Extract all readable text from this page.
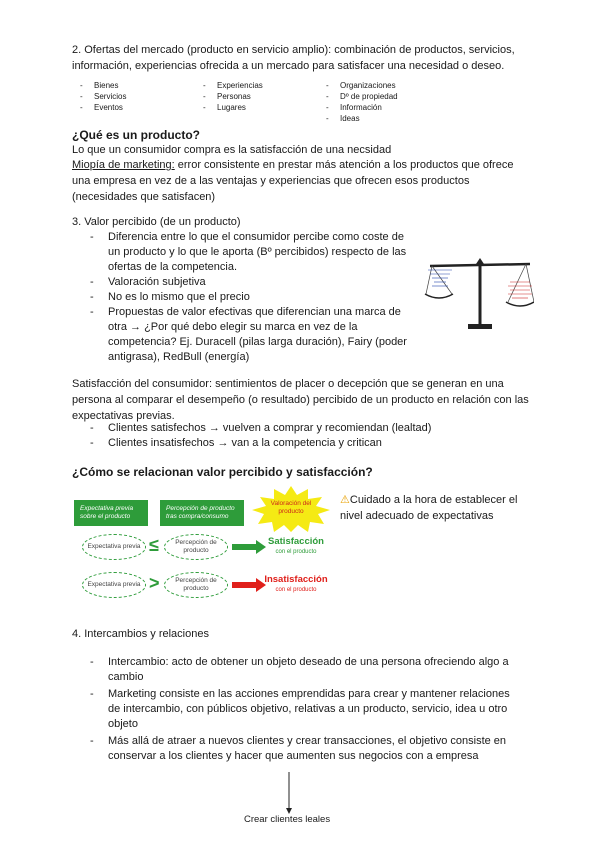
2. Ofertas del mercado (producto en servicio amplio): combinación de productos, servicios, información, experiencias ofrecida a un mercado para satisfacer una necesidad o deseo.

- Bienes
- Servicios
- Eventos
- Experiencias
- Personas
- Lugares
- Organizaciones
- Dº de propiedad
- Información
- Ideas

¿Qué es un producto?

Lo que un consumidor compra es la satisfacción de una necsidad

Miopía de marketing: error consistente en prestar más atención a los productos que ofrece una empresa en vez de a las ventajas y experiencias que ofrecen esos productos (necesidades que satisfacen)

3. Valor percibido (de un producto)

- Diferencia entre lo que el consumidor percibe como coste de un producto y lo que le aporta (Bº percibidos) respecto de las ofertas de la competencia.
- Valoración subjetiva
- No es lo mismo que el precio
- Propuestas de valor efectivas que diferencian una marca de otra → ¿Por qué debo elegir su marca en vez de la competencia? Ej. Duracell (pilas larga duración), Fairy (poder antigrasa), RedBull (energía)

Satisfacción del consumidor: sentimientos de placer o decepción que se generan en una persona al comparar el desempeño (o resultado) percibido de un producto en relación con las expectativas previas.

- Clientes satisfechos → vuelven a comprar y recomiendan (lealtad)
- Clientes insatisfechos → van a la competencia y critican

¿Cómo se relacionan valor percibido y satisfacción?

Expectativa previa sobre el producto
Percepción de producto tras compra/consumo
Valoración del producto
⚠Cuidado a la hora de establecer el nivel adecuado de expectativas
Expectativa previa ≤	Percepción de producto
Satisfacción
con el producto
Expectativa previa >	Percepción de producto
Insatisfacción
con el producto

4. Intercambios y relaciones

- Intercambio: acto de obtener un objeto deseado de una persona ofreciendo algo a cambio
- Marketing consiste en las acciones emprendidas para crear y mantener relaciones de intercambio, con públicos objetivo, relativas a un producto, servicio, idea u otro objeto
- Más allá de atraer a nuevos clientes y crear transacciones, el objetivo consiste en conservar a los clientes y hacer que aumenten sus negocios con a empresa

Crear clientes leales
